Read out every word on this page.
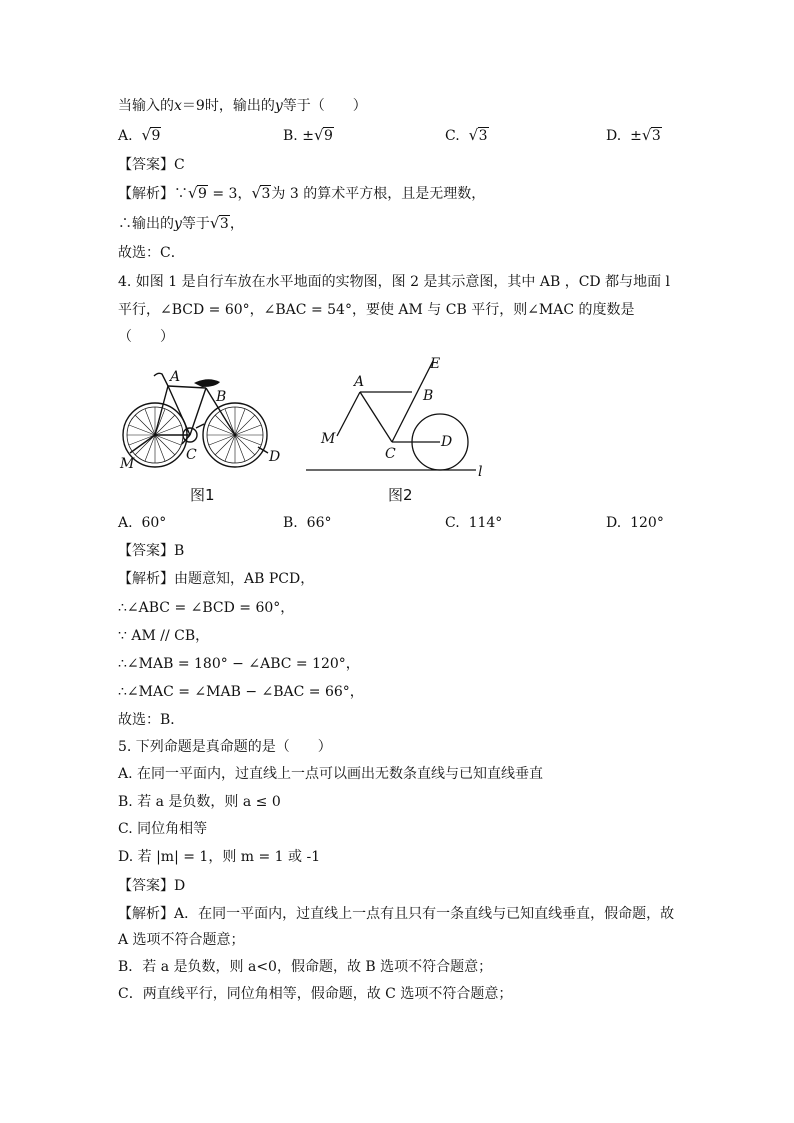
当输入的x＝9时，输出的y等于（　　）
A. √ 9	B. ± √ 9	C. √ 3	D. ± √ 3
【答案】C
【解析】∵ √ 9 = 3， √ 3为 3 的算术平方根，且是无理数，
∴输出的y等于 √ 3，
故选：C．
4. 如图 1 是自行车放在水平地面的实物图，图 2 是其示意图，其中 AB ，CD 都与地面 l
平行，∠BCD = 60°，∠BAC = 54°，要使 AM 与 CB 平行，则∠MAC 的度数是
（　　）
A
B
C	D
M
A
B
C
D
E
M
l
图1	图2
A. 60°	B. 66°	C. 114°	D. 120°
【答案】B
【解析】由题意知，AB PCD，
∴∠ABC = ∠BCD = 60°，
∵ AM // CB，
∴∠MAB = 180° − ∠ABC = 120°，
∴∠MAC = ∠MAB − ∠BAC = 66°，
故选：B．
5. 下列命题是真命题的是（　　）
A. 在同一平面内，过直线上一点可以画出无数条直线与已知直线垂直
B. 若 a 是负数，则 a ≤ 0
C. 同位角相等
D. 若 |m| = 1，则 m = 1 或 -1
【答案】D
【解析】A．在同一平面内，过直线上一点有且只有一条直线与已知直线垂直，假命题，故
A 选项不符合题意；
B．若 a 是负数，则 a<0，假命题，故 B 选项不符合题意；
C．两直线平行，同位角相等，假命题，故 C 选项不符合题意；
